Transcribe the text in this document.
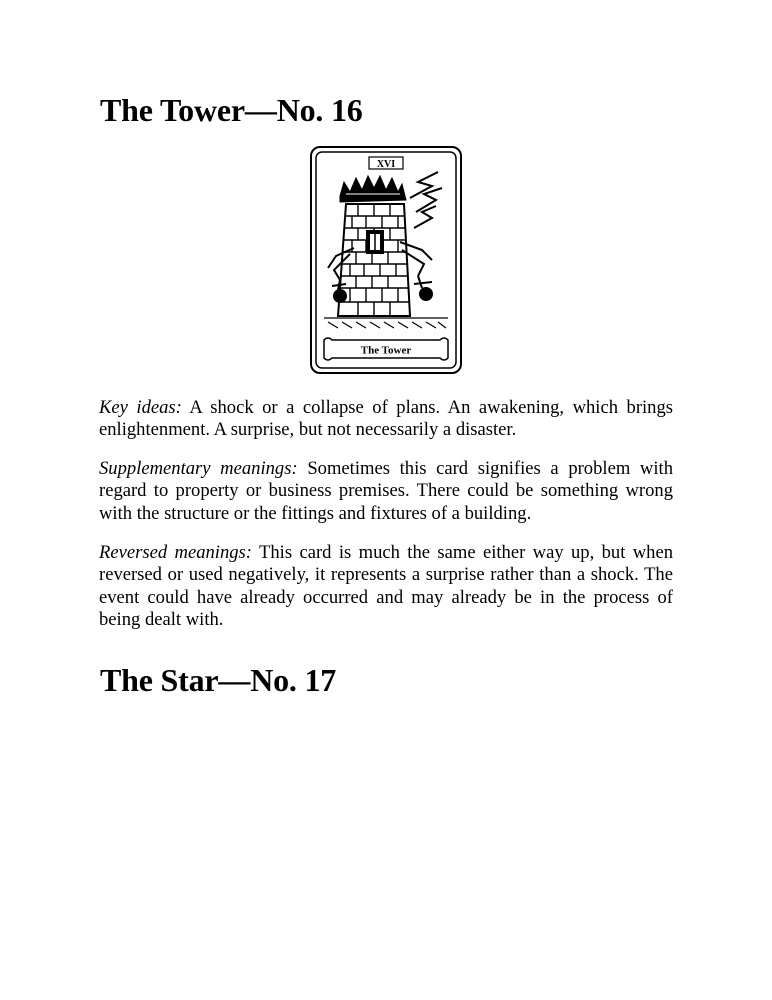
The Tower—No. 16
XVI
The Tower

Key ideas: A shock or a collapse of plans. An awakening, which brings enlightenment. A surprise, but not necessarily a disaster.

Supplementary meanings: Sometimes this card signifies a problem with regard to property or business premises. There could be something wrong with the structure or the fittings and fixtures of a building.

Reversed meanings: This card is much the same either way up, but when reversed or used negatively, it represents a surprise rather than a shock. The event could have already occurred and may already be in the process of being dealt with.

The Star—No. 17
